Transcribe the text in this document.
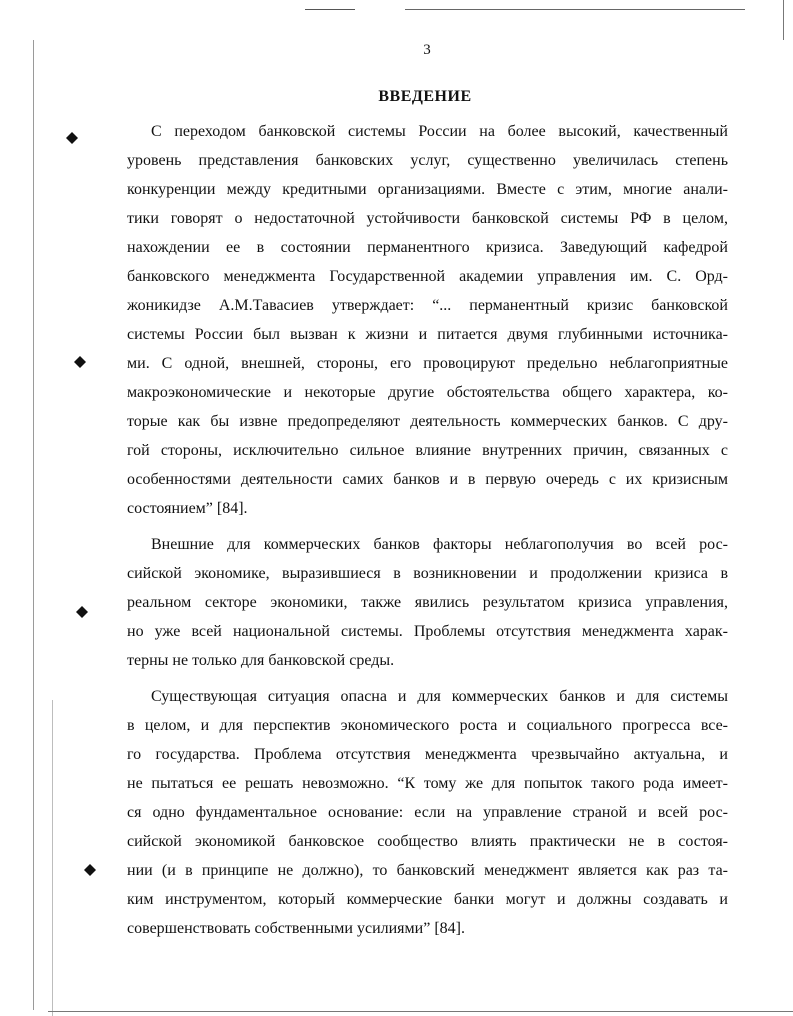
3
ВВЕДЕНИЕ
С переходом банковской системы России на более высокий, качественный
уровень представления банковских услуг, существенно увеличилась степень
конкуренции между кредитными организациями. Вместе с этим, многие анали-
тики говорят о недостаточной устойчивости банковской системы РФ в целом,
нахождении ее в состоянии перманентного кризиса. Заведующий кафедрой
банковского менеджмента Государственной академии управления им. С. Орд-
жоникидзе А.М.Тавасиев утверждает: “... перманентный кризис банковской
системы России был вызван к жизни и питается двумя глубинными источника-
ми. С одной, внешней, стороны, его провоцируют предельно неблагоприятные
макроэкономические и некоторые другие обстоятельства общего характера, ко-
торые как бы извне предопределяют деятельность коммерческих банков. С дру-
гой стороны, исключительно сильное влияние внутренних причин, связанных с
особенностями деятельности самих банков и в первую очередь с их кризисным
состоянием” [84].
Внешние для коммерческих банков факторы неблагополучия во всей рос-
сийской экономике, выразившиеся в возникновении и продолжении кризиса в
реальном секторе экономики, также явились результатом кризиса управления,
но уже всей национальной системы. Проблемы отсутствия менеджмента харак-
терны не только для банковской среды.
Существующая ситуация опасна и для коммерческих банков и для системы
в целом, и для перспектив экономического роста и социального прогресса все-
го государства. Проблема отсутствия менеджмента чрезвычайно актуальна, и
не пытаться ее решать невозможно. “К тому же для попыток такого рода имеет-
ся одно фундаментальное основание: если на управление страной и всей рос-
сийской экономикой банковское сообщество влиять практически не в состоя-
нии (и в принципе не должно), то банковский менеджмент является как раз та-
ким инструментом, который коммерческие банки могут и должны создавать и
совершенствовать собственными усилиями” [84].
